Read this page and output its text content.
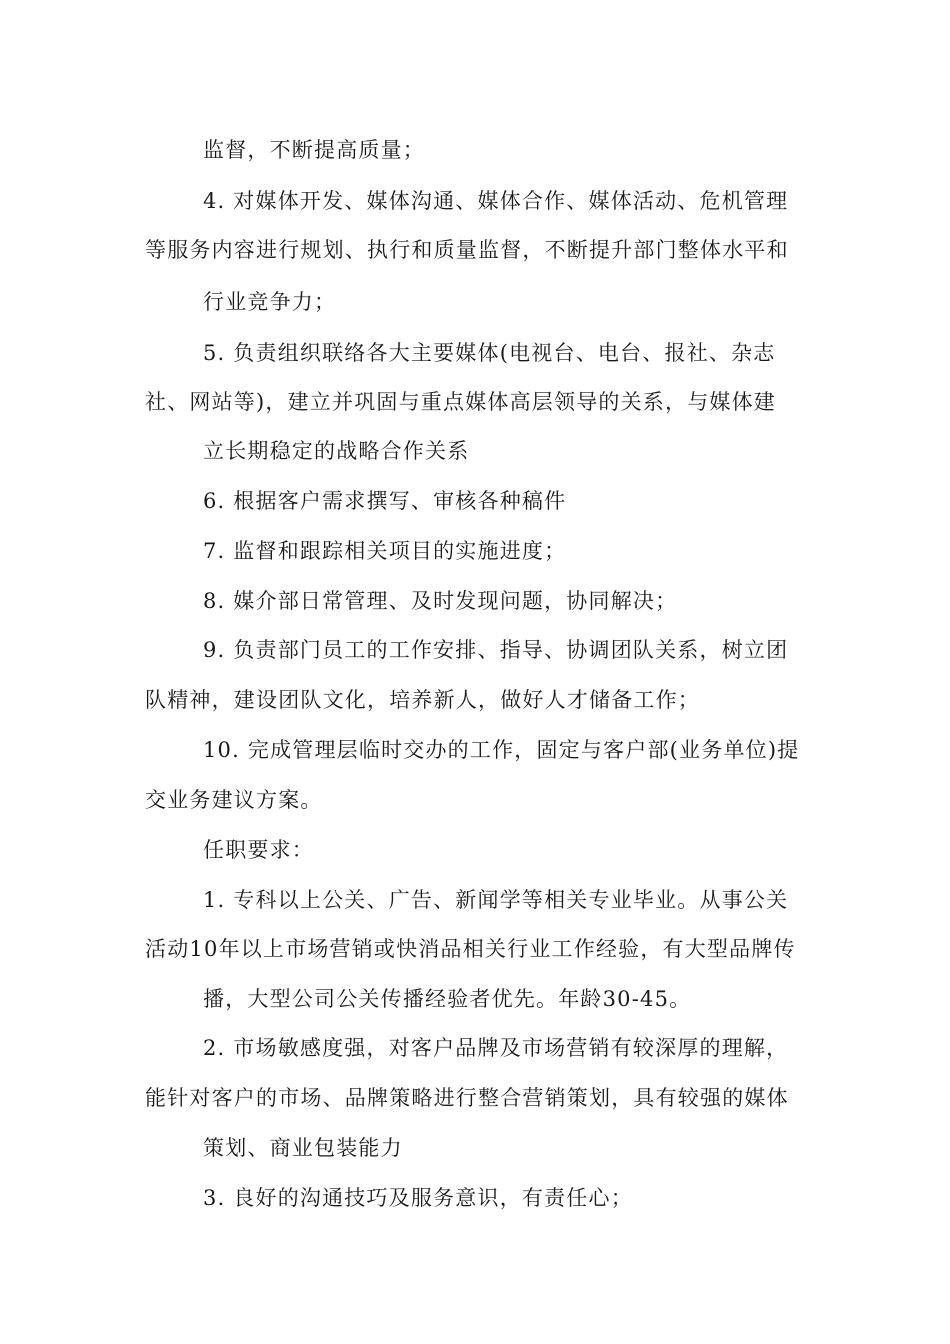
监督，不断提高质量；

4. 对媒体开发、媒体沟通、媒体合作、媒体活动、危机管理

等服务内容进行规划、执行和质量监督，不断提升部门整体水平和

行业竞争力；

5. 负责组织联络各大主要媒体(电视台、电台、报社、杂志

社、网站等)，建立并巩固与重点媒体高层领导的关系，与媒体建

立长期稳定的战略合作关系

6. 根据客户需求撰写、审核各种稿件

7. 监督和跟踪相关项目的实施进度；

8. 媒介部日常管理、及时发现问题，协同解决；

9. 负责部门员工的工作安排、指导、协调团队关系，树立团

队精神，建设团队文化，培养新人，做好人才储备工作；

10. 完成管理层临时交办的工作，固定与客户部(业务单位)提

交业务建议方案。

任职要求：

1. 专科以上公关、广告、新闻学等相关专业毕业。从事公关

活动10年以上市场营销或快消品相关行业工作经验，有大型品牌传

播，大型公司公关传播经验者优先。年龄30-45。

2. 市场敏感度强，对客户品牌及市场营销有较深厚的理解，

能针对客户的市场、品牌策略进行整合营销策划，具有较强的媒体

策划、商业包装能力

3. 良好的沟通技巧及服务意识，有责任心；
